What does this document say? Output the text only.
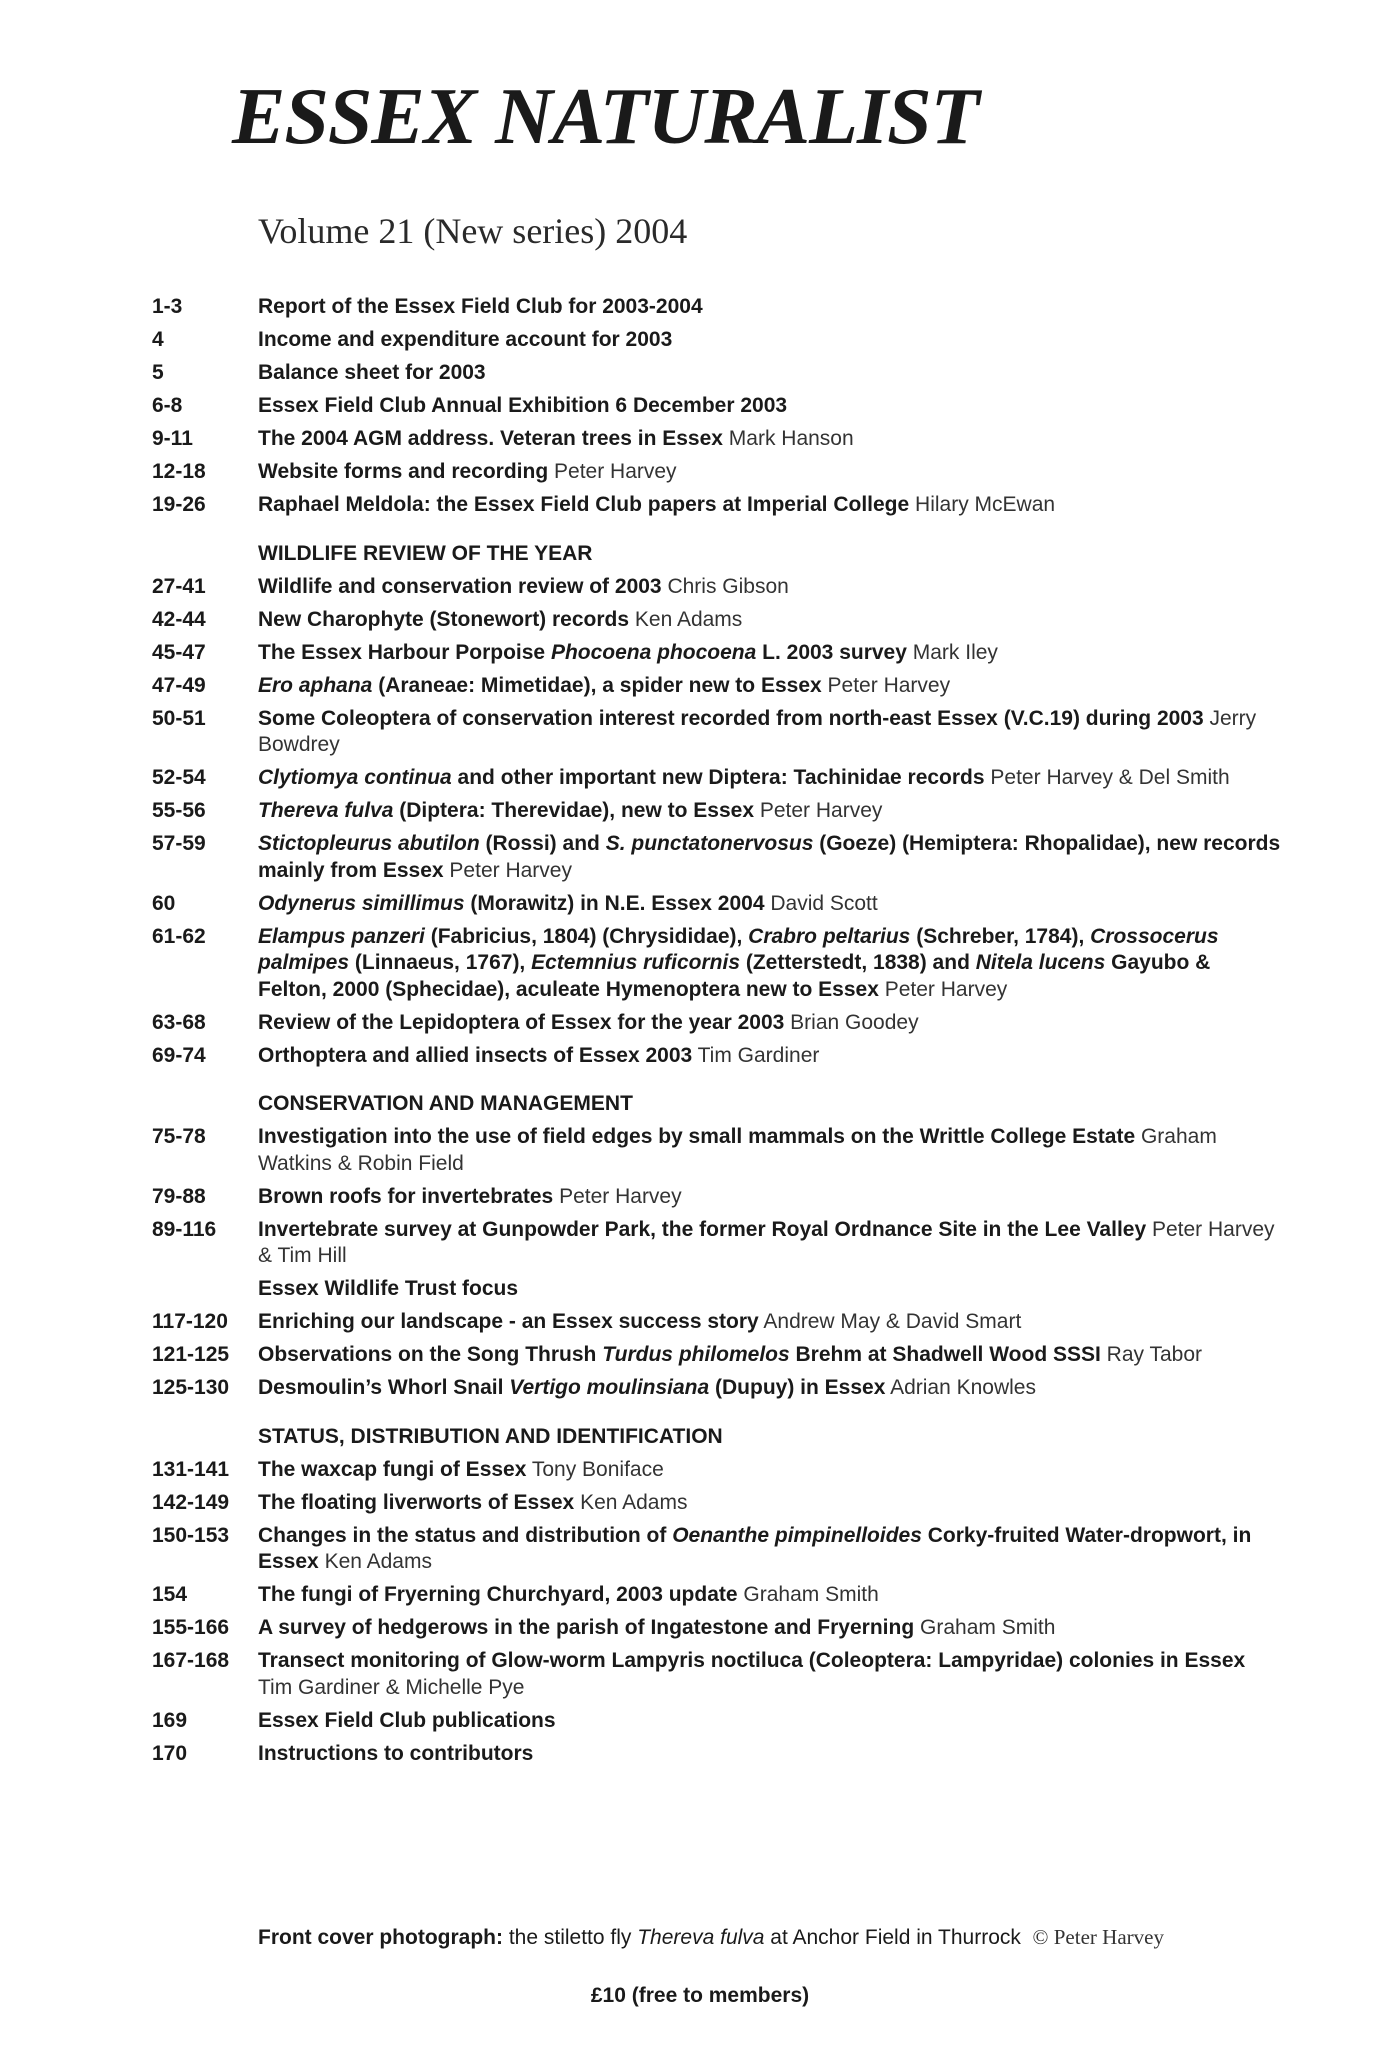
ESSEX NATURALIST
Volume 21 (New series) 2004
1-3	Report of the Essex Field Club for 2003-2004
4	Income and expenditure account for 2003
5	Balance sheet for 2003
6-8	Essex Field Club Annual Exhibition 6 December 2003
9-11	The 2004 AGM address. Veteran trees in Essex Mark Hanson
12-18	Website forms and recording Peter Harvey
19-26	Raphael Meldola: the Essex Field Club papers at Imperial College Hilary McEwan
WILDLIFE REVIEW OF THE YEAR
27-41	Wildlife and conservation review of 2003 Chris Gibson
42-44	New Charophyte (Stonewort) records Ken Adams
45-47	The Essex Harbour Porpoise Phocoena phocoena L. 2003 survey Mark Iley
47-49	Ero aphana (Araneae: Mimetidae), a spider new to Essex Peter Harvey
50-51	Some Coleoptera of conservation interest recorded from north-east Essex (V.C.19) during 2003 Jerry Bowdrey
52-54	Clytiomya continua and other important new Diptera: Tachinidae records Peter Harvey & Del Smith
55-56	Thereva fulva (Diptera: Therevidae), new to Essex Peter Harvey
57-59	Stictopleurus abutilon (Rossi) and S. punctatonervosus (Goeze) (Hemiptera: Rhopalidae), new records mainly from Essex Peter Harvey
60	Odynerus simillimus (Morawitz) in N.E. Essex 2004 David Scott
61-62	Elampus panzeri (Fabricius, 1804) (Chrysididae), Crabro peltarius (Schreber, 1784), Crossocerus palmipes (Linnaeus, 1767), Ectemnius ruficornis (Zetterstedt, 1838) and Nitela lucens Gayubo & Felton, 2000 (Sphecidae), aculeate Hymenoptera new to Essex Peter Harvey
63-68	Review of the Lepidoptera of Essex for the year 2003 Brian Goodey
69-74	Orthoptera and allied insects of Essex 2003 Tim Gardiner
CONSERVATION AND MANAGEMENT
75-78	Investigation into the use of field edges by small mammals on the Writtle College Estate Graham Watkins & Robin Field
79-88	Brown roofs for invertebrates Peter Harvey
89-116	Invertebrate survey at Gunpowder Park, the former Royal Ordnance Site in the Lee Valley Peter Harvey & Tim Hill
Essex Wildlife Trust focus
117-120	Enriching our landscape - an Essex success story Andrew May & David Smart
121-125	Observations on the Song Thrush Turdus philomelos Brehm at Shadwell Wood SSSI Ray Tabor
125-130	Desmoulin’s Whorl Snail Vertigo moulinsiana (Dupuy) in Essex Adrian Knowles
STATUS, DISTRIBUTION AND IDENTIFICATION
131-141	The waxcap fungi of Essex Tony Boniface
142-149	The floating liverworts of Essex Ken Adams
150-153	Changes in the status and distribution of Oenanthe pimpinelloides Corky-fruited Water-dropwort, in Essex Ken Adams
154	The fungi of Fryerning Churchyard, 2003 update Graham Smith
155-166	A survey of hedgerows in the parish of Ingatestone and Fryerning Graham Smith
167-168	Transect monitoring of Glow-worm Lampyris noctiluca (Coleoptera: Lampyridae) colonies in Essex Tim Gardiner & Michelle Pye
169	Essex Field Club publications
170	Instructions to contributors
Front cover photograph: the stiletto fly Thereva fulva at Anchor Field in Thurrock © Peter Harvey
£10 (free to members)
